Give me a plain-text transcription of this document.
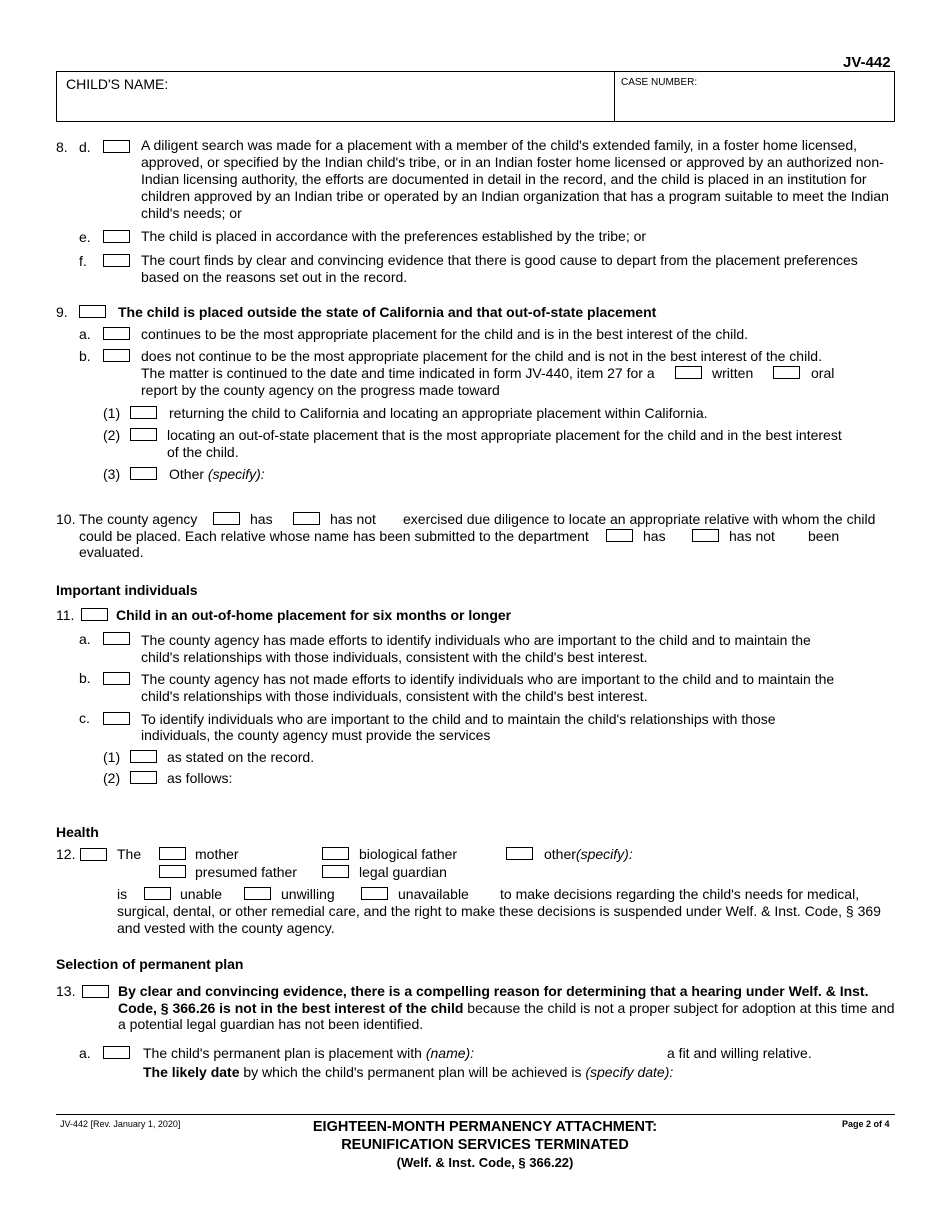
JV-442
CHILD'S NAME:	CASE NUMBER:
8. d.	A diligent search was made for a placement with a member of the child's extended family, in a foster home licensed, approved, or specified by the Indian child's tribe, or in an Indian foster home licensed or approved by an authorized non-Indian licensing authority, the efforts are documented in detail in the record, and the child is placed in an institution for children approved by an Indian tribe or operated by an Indian organization that has a program suitable to meet the Indian child's needs; or
e.	The child is placed in accordance with the preferences established by the tribe; or
f.	The court finds by clear and convincing evidence that there is good cause to depart from the placement preferences based on the reasons set out in the record.
9.	The child is placed outside the state of California and that out-of-state placement
a.	continues to be the most appropriate placement for the child and is in the best interest of the child.
b.	does not continue to be the most appropriate placement for the child and is not in the best interest of the child.
The matter is continued to the date and time indicated in form JV-440, item 27 for a	written	oral
report by the county agency on the progress made toward
(1)	returning the child to California and locating an appropriate placement within California.
(2)	locating an out-of-state placement that is the most appropriate placement for the child and in the best interest
of the child.
(3)	Other (specify):
10. The county agency	has	has not exercised due diligence to locate an appropriate relative with whom the child
could be placed. Each relative whose name has been submitted to the department	has	has not been
evaluated.
Important individuals
11.	Child in an out-of-home placement for six months or longer
a.	The county agency has made efforts to identify individuals who are important to the child and to maintain the
child's relationships with those individuals, consistent with the child's best interest.
b.	The county agency has not made efforts to identify individuals who are important to the child and to maintain the
child's relationships with those individuals, consistent with the child's best interest.
c.	To identify individuals who are important to the child and to maintain the child's relationships with those
individuals, the county agency must provide the services
(1)	as stated on the record.
(2)	as follows:
Health
12.	The	mother	biological father	other(specify):
presumed father	legal guardian
is	unable	unwilling	unavailable to make decisions regarding the child's needs for medical,
surgical, dental, or other remedial care, and the right to make these decisions is suspended under Welf. & Inst. Code, § 369
and vested with the county agency.
Selection of permanent plan
13.	By clear and convincing evidence, there is a compelling reason for determining that a hearing under Welf. & Inst.
Code, § 366.26 is not in the best interest of the child because the child is not a proper subject for adoption at this time and
a potential legal guardian has not been identified.
a.	The child's permanent plan is placement with (name):	a fit and willing relative.
The likely date by which the child's permanent plan will be achieved is (specify date):
JV-442 [Rev. January 1, 2020]	EIGHTEEN-MONTH PERMANENCY ATTACHMENT:
REUNIFICATION SERVICES TERMINATED
(Welf. & Inst. Code, § 366.22)
Page 2 of 4
